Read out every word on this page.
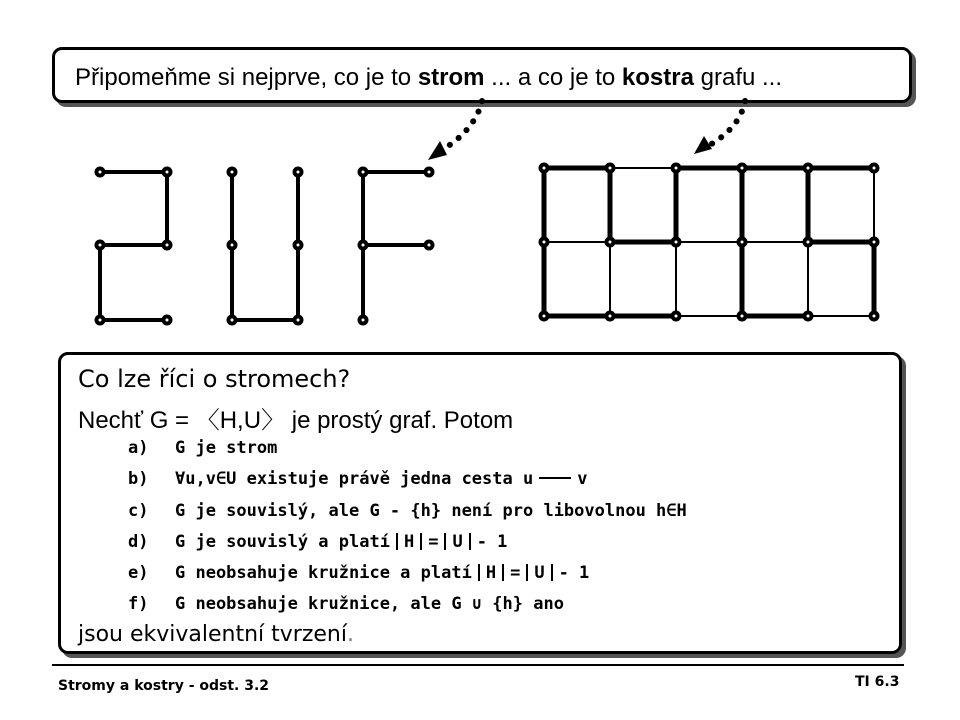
Připomeňme si nejprve, co je to strom ... a co je to kostra grafu ...
Co lze říci o stromech?
Nechť G = 〈H,U〉 je prostý graf. Potom
a) G je strom
b) ∀u,v∈U existuje právě jedna cesta u	v
c) G je souvislý, ale G - {h} není pro libovolnou h∈H
d) G je souvislý a platí H = U - 1
e) G neobsahuje kružnice a platí H = U - 1
f) G neobsahuje kružnice, ale G ∪ {h} ano
jsou ekvivalentní tvrzení.
Stromy a kostry - odst. 3.2	TI 6.3
